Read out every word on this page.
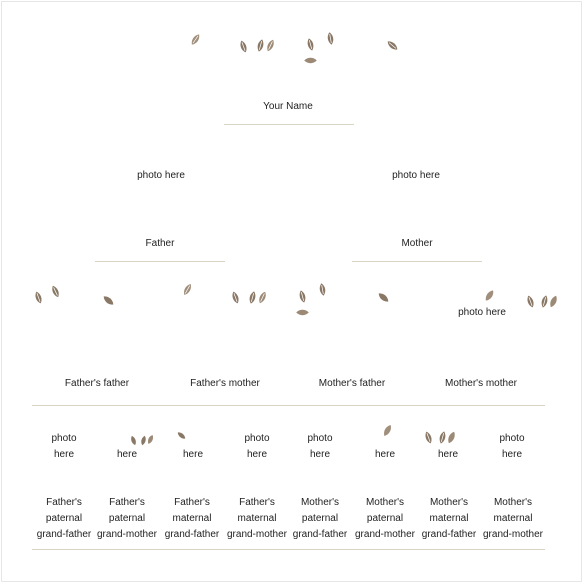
Your Name
photo here	photo here
Father	Mother
photo here
Father's father	Father's mother	Mother's father	Mother's mother
photo
here	here	here
photo
here
photo
here	here	here
photo
here
Father's
paternal
grand-father
Father's
paternal
grand-mother
Father's
maternal
grand-father
Father's
maternal
grand-mother
Mother's
paternal
grand-father
Mother's
paternal
grand-mother
Mother's
maternal
grand-father
Mother's
maternal
grand-mother
